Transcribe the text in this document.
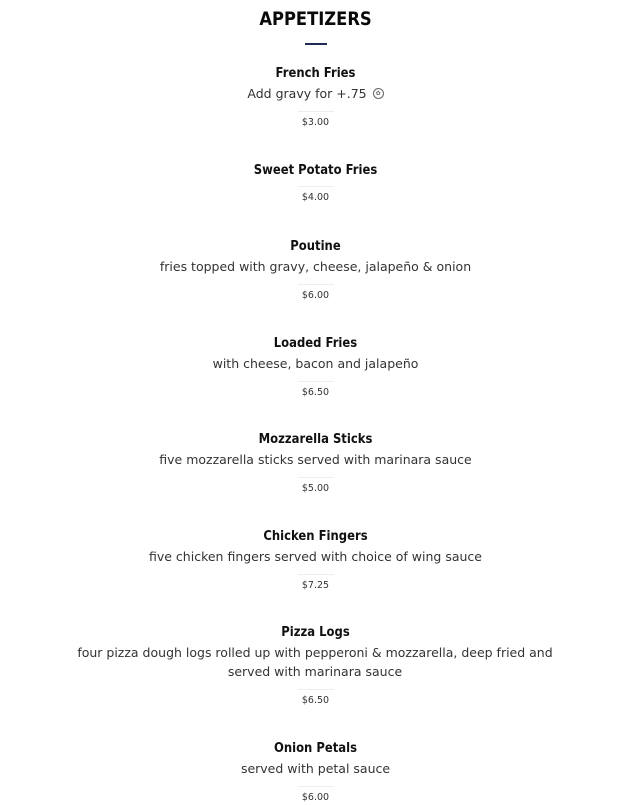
APPETIZERS

French Fries

Add gravy for +.75 ✿

$3.00

Sweet Potato Fries

$4.00

Poutine

fries topped with gravy, cheese, jalapeño & onion

$6.00

Loaded Fries

with cheese, bacon and jalapeño

$6.50

Mozzarella Sticks

five mozzarella sticks served with marinara sauce

$5.00

Chicken Fingers

five chicken fingers served with choice of wing sauce

$7.25

Pizza Logs

four pizza dough logs rolled up with pepperoni & mozzarella, deep fried and served with marinara sauce

$6.50

Onion Petals

served with petal sauce

$6.00
